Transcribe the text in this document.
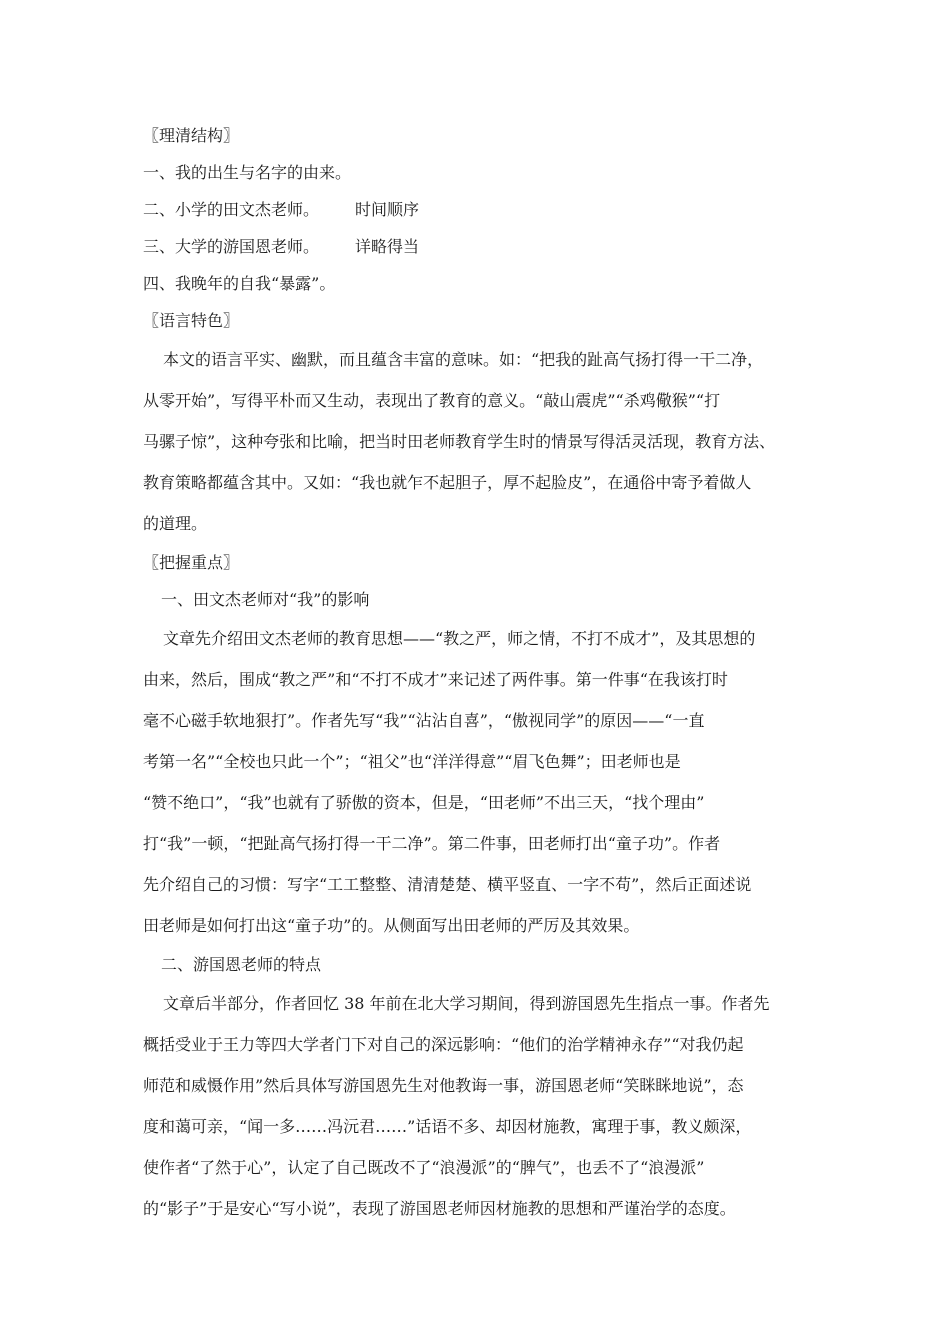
〖理清结构〗
一、我的出生与名字的由来。
二、小学的田文杰老师。 时间顺序
三、大学的游国恩老师。 详略得当
四、我晚年的自我“暴露”。
〖语言特色〗
本文的语言平实、幽默，而且蕴含丰富的意味。如：“把我的趾高气扬打得一干二净，
从零开始”，写得平朴而又生动，表现出了教育的意义。“敲山震虎”“杀鸡儆猴”“打
马骡子惊”，这种夸张和比喻，把当时田老师教育学生时的情景写得活灵活现，教育方法、
教育策略都蕴含其中。又如：“我也就乍不起胆子，厚不起脸皮”，在通俗中寄予着做人
的道理。
〖把握重点〗
一、田文杰老师对“我”的影响
文章先介绍田文杰老师的教育思想——“教之严，师之情，不打不成才”，及其思想的
由来，然后，围成“教之严”和“不打不成才”来记述了两件事。第一件事“在我该打时
毫不心磁手软地狠打”。作者先写“我”“沾沾自喜”，“傲视同学”的原因——“一直
考第一名”“全校也只此一个”；“祖父”也“洋洋得意”“眉飞色舞”；田老师也是
“赞不绝口”，“我”也就有了骄傲的资本，但是，“田老师”不出三天，“找个理由”
打“我”一顿，“把趾高气扬打得一干二净”。第二件事，田老师打出“童子功”。作者
先介绍自己的习惯：写字“工工整整、清清楚楚、横平竖直、一字不苟”，然后正面述说
田老师是如何打出这“童子功”的。从侧面写出田老师的严厉及其效果。
二、游国恩老师的特点
文章后半部分，作者回忆 38 年前在北大学习期间，得到游国恩先生指点一事。作者先
概括受业于王力等四大学者门下对自己的深远影响：“他们的治学精神永存”“对我仍起
师范和威慑作用”然后具体写游国恩先生对他教诲一事，游国恩老师“笑眯眯地说”，态
度和蔼可亲，“闻一多……冯沅君……”话语不多、却因材施教，寓理于事，教义颇深，
使作者“了然于心”，认定了自己既改不了“浪漫派”的“脾气”，也丢不了“浪漫派”
的“影子”于是安心“写小说”，表现了游国恩老师因材施教的思想和严谨治学的态度。
